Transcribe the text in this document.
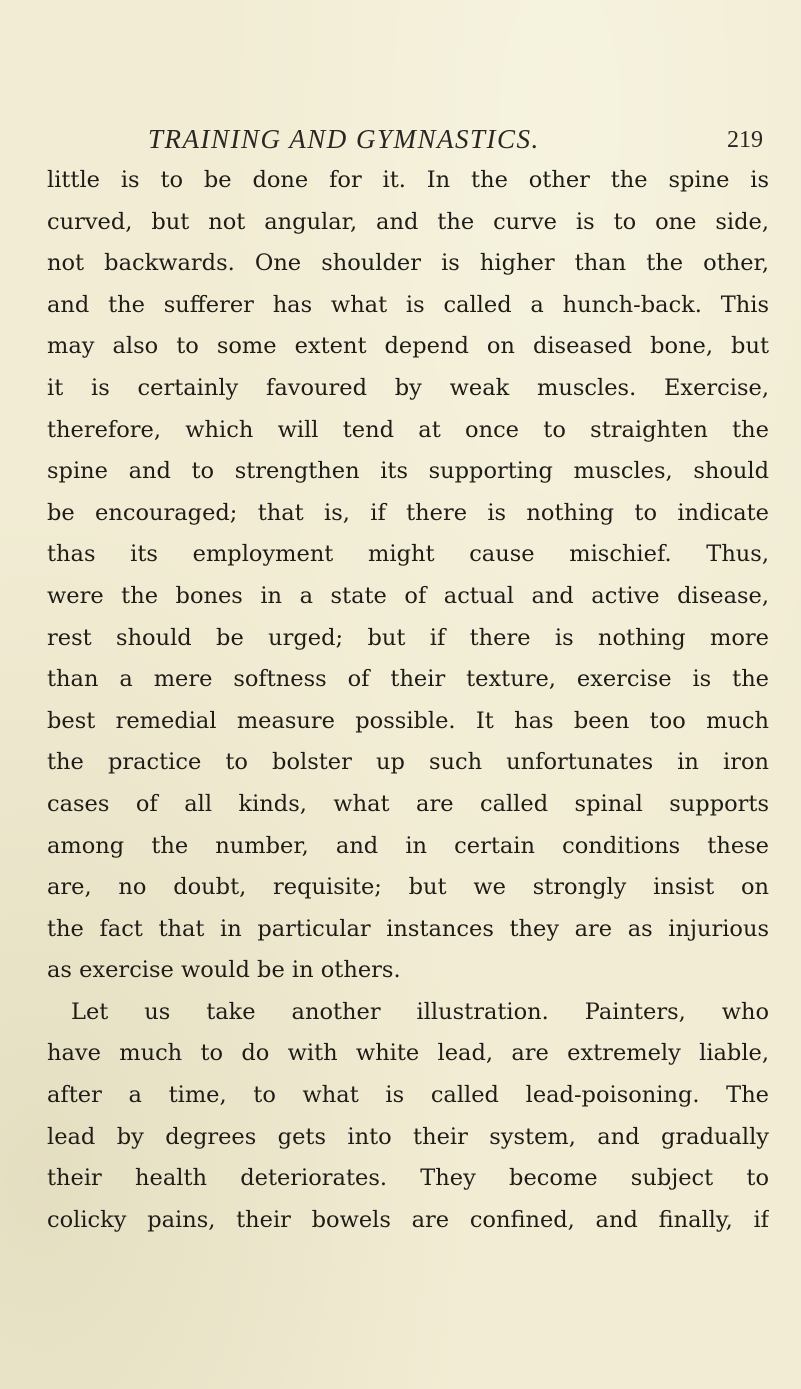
TRAINING AND GYMNASTICS.	219
little is to be done for it. In the other the spine is
curved, but not angular, and the curve is to one side,
not backwards. One shoulder is higher than the other,
and the sufferer has what is called a hunch-back. This
may also to some extent depend on diseased bone, but
it is certainly favoured by weak muscles. Exercise,
therefore, which will tend at once to straighten the
spine and to strengthen its supporting muscles, should
be encouraged; that is, if there is nothing to indicate
thas its employment might cause mischief. Thus,
were the bones in a state of actual and active disease,
rest should be urged; but if there is nothing more
than a mere softness of their texture, exercise is the
best remedial measure possible. It has been too much
the practice to bolster up such unfortunates in iron
cases of all kinds, what are called spinal supports
among the number, and in certain conditions these
are, no doubt, requisite; but we strongly insist on
the fact that in particular instances they are as injurious
as exercise would be in others.
Let us take another illustration. Painters, who
have much to do with white lead, are extremely liable,
after a time, to what is called lead-poisoning. The
lead by degrees gets into their system, and gradually
their health deteriorates. They become subject to
colicky pains, their bowels are confined, and finally, if
